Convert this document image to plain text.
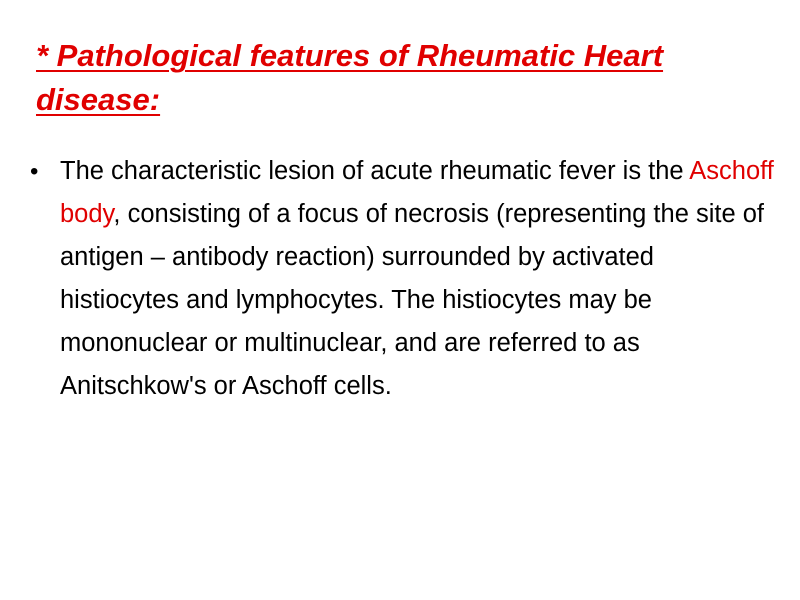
* Pathological features of Rheumatic Heart disease:
• The characteristic lesion of acute rheumatic fever is the Aschoff body, consisting of a focus of necrosis (representing the site of antigen – antibody reaction) surrounded by activated histiocytes and lymphocytes. The histiocytes may be mononuclear or multinuclear, and are referred to as Anitschkow's or Aschoff cells.
